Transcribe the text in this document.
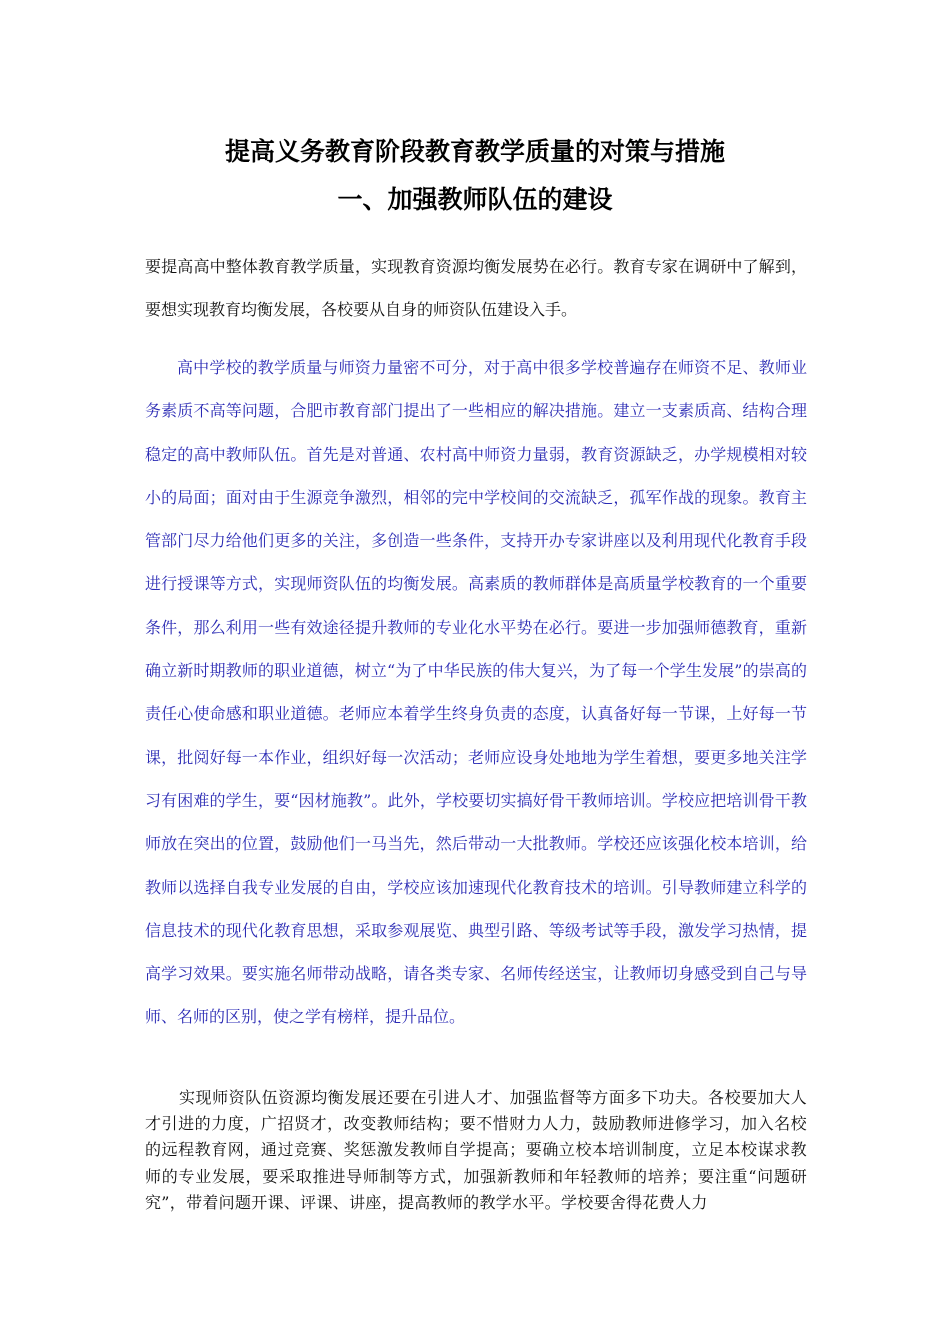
提高义务教育阶段教育教学质量的对策与措施
一、加强教师队伍的建设

要提高高中整体教育教学质量，实现教育资源均衡发展势在必行。教育专家在调研中了解到，要想实现教育均衡发展，各校要从自身的师资队伍建设入手。

高中学校的教学质量与师资力量密不可分，对于高中很多学校普遍存在师资不足、教师业务素质不高等问题，合肥市教育部门提出了一些相应的解决措施。建立一支素质高、结构合理稳定的高中教师队伍。首先是对普通、农村高中师资力量弱，教育资源缺乏，办学规模相对较小的局面；面对由于生源竞争激烈，相邻的完中学校间的交流缺乏，孤军作战的现象。教育主管部门尽力给他们更多的关注，多创造一些条件，支持开办专家讲座以及利用现代化教育手段进行授课等方式，实现师资队伍的均衡发展。高素质的教师群体是高质量学校教育的一个重要条件，那么利用一些有效途径提升教师的专业化水平势在必行。要进一步加强师德教育，重新确立新时期教师的职业道德，树立“为了中华民族的伟大复兴，为了每一个学生发展”的崇高的责任心使命感和职业道德。老师应本着学生终身负责的态度，认真备好每一节课，上好每一节课，批阅好每一本作业，组织好每一次活动；老师应设身处地地为学生着想，要更多地关注学习有困难的学生，要“因材施教”。此外，学校要切实搞好骨干教师培训。学校应把培训骨干教师放在突出的位置，鼓励他们一马当先，然后带动一大批教师。学校还应该强化校本培训，给教师以选择自我专业发展的自由，学校应该加速现代化教育技术的培训。引导教师建立科学的信息技术的现代化教育思想，采取参观展览、典型引路、等级考试等手段，激发学习热情，提高学习效果。要实施名师带动战略，请各类专家、名师传经送宝，让教师切身感受到自己与导师、名师的区别，使之学有榜样，提升品位。

实现师资队伍资源均衡发展还要在引进人才、加强监督等方面多下功夫。各校要加大人才引进的力度，广招贤才，改变教师结构；要不惜财力人力，鼓励教师进修学习，加入名校的远程教育网，通过竞赛、奖惩激发教师自学提高；要确立校本培训制度，立足本校谋求教师的专业发展，要采取推进导师制等方式，加强新教师和年轻教师的培养；要注重“问题研究”，带着问题开课、评课、讲座，提高教师的教学水平。学校要舍得花费人力
